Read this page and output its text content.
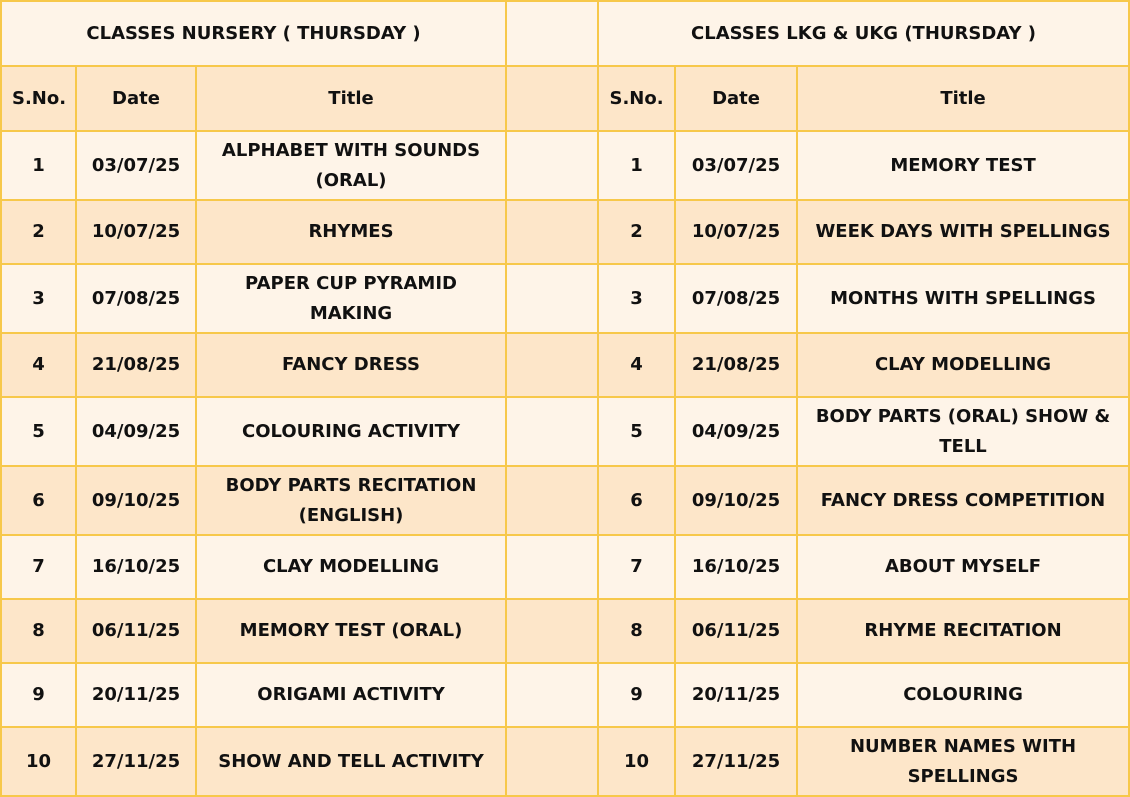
CLASSES NURSERY ( THURSDAY )				CLASSES LKG & UKG (THURSDAY )		
S.No.	Date	Title		S.No.	Date	Title
1	03/07/25	ALPHABET WITH SOUNDS (ORAL)		1	03/07/25	MEMORY TEST
2	10/07/25	RHYMES		2	10/07/25	WEEK DAYS WITH SPELLINGS
3	07/08/25	PAPER CUP PYRAMID MAKING		3	07/08/25	MONTHS WITH SPELLINGS
4	21/08/25	FANCY DRESS		4	21/08/25	CLAY MODELLING
5	04/09/25	COLOURING ACTIVITY		5	04/09/25	BODY PARTS (ORAL) SHOW & TELL
6	09/10/25	BODY PARTS RECITATION (ENGLISH)		6	09/10/25	FANCY DRESS COMPETITION
7	16/10/25	CLAY MODELLING		7	16/10/25	ABOUT MYSELF
8	06/11/25	MEMORY TEST (ORAL)		8	06/11/25	RHYME RECITATION
9	20/11/25	ORIGAMI ACTIVITY		9	20/11/25	COLOURING
10	27/11/25	SHOW AND TELL ACTIVITY		10	27/11/25	NUMBER NAMES WITH SPELLINGS
